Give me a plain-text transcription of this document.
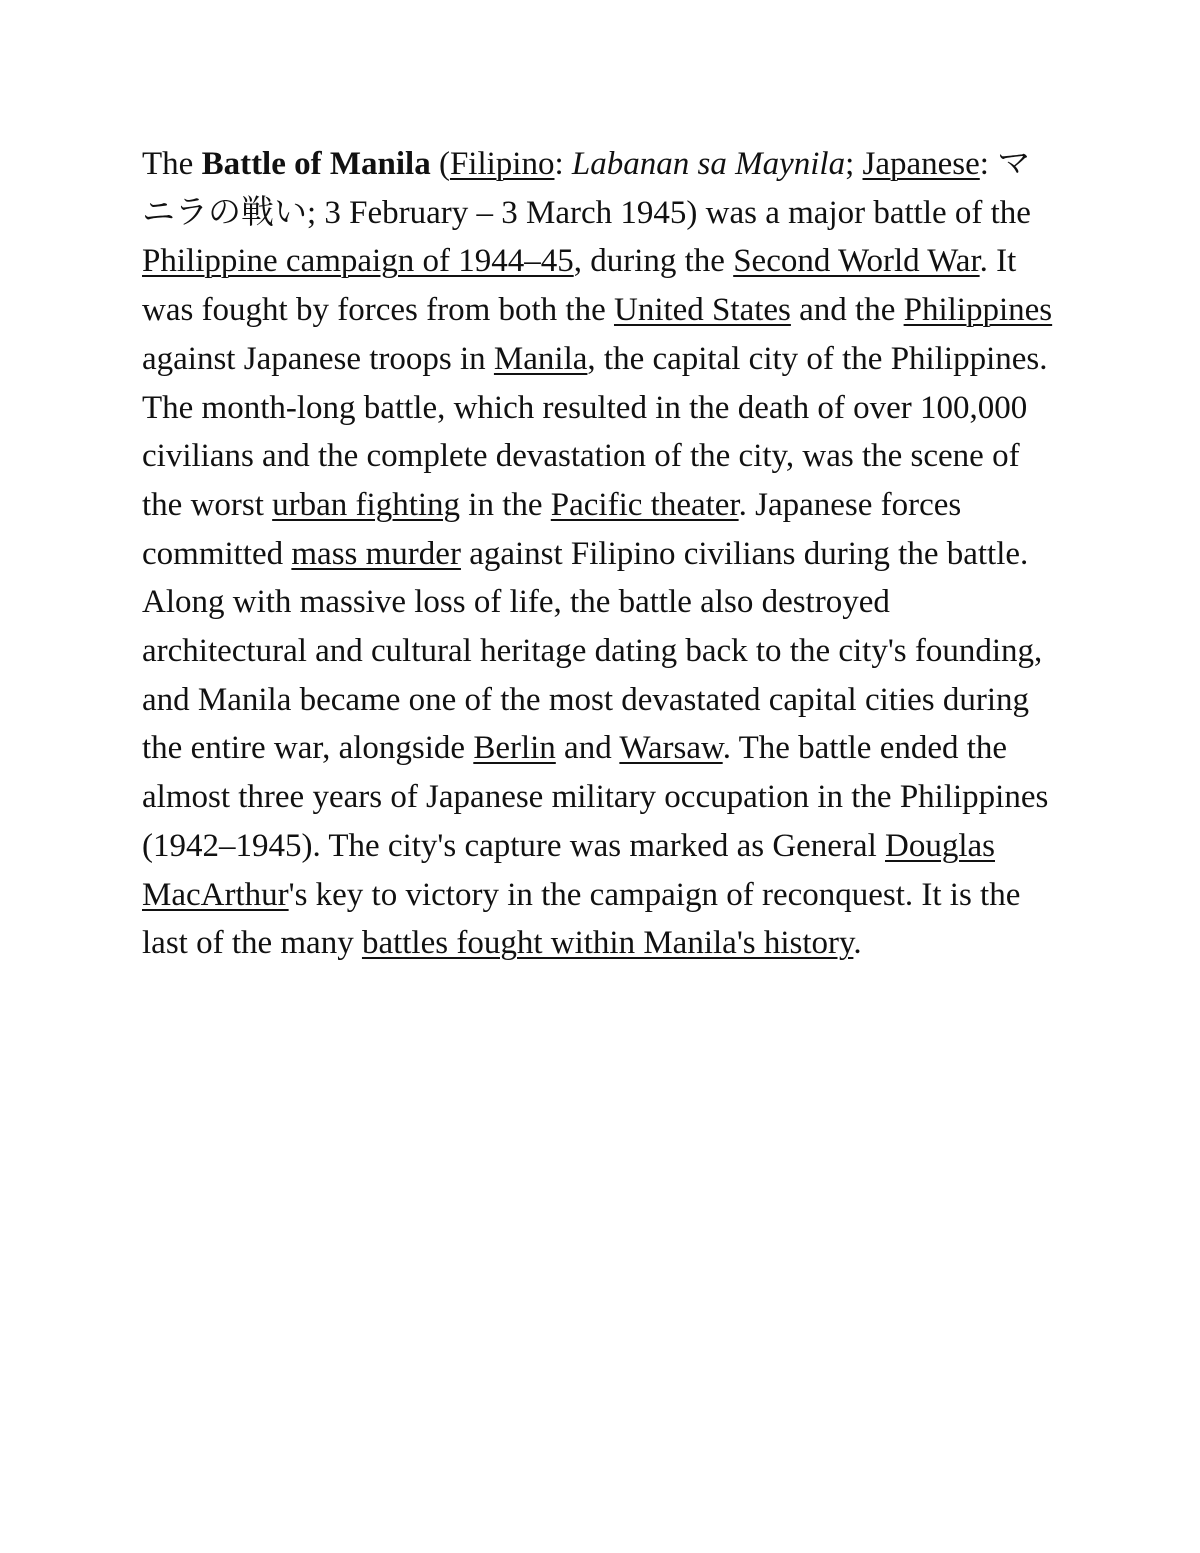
The Battle of Manila (Filipino: Labanan sa Maynila; Japanese: マニラの戦い; 3 February – 3 March 1945) was a major battle of the Philippine campaign of 1944–45, during the Second World War. It was fought by forces from both the United States and the Philippines against Japanese troops in Manila, the capital city of the Philippines. The month-long battle, which resulted in the death of over 100,000 civilians and the complete devastation of the city, was the scene of the worst urban fighting in the Pacific theater. Japanese forces committed mass murder against Filipino civilians during the battle. Along with massive loss of life, the battle also destroyed architectural and cultural heritage dating back to the city's founding, and Manila became one of the most devastated capital cities during the entire war, alongside Berlin and Warsaw. The battle ended the almost three years of Japanese military occupation in the Philippines (1942–1945). The city's capture was marked as General Douglas MacArthur's key to victory in the campaign of reconquest. It is the last of the many battles fought within Manila's history.
